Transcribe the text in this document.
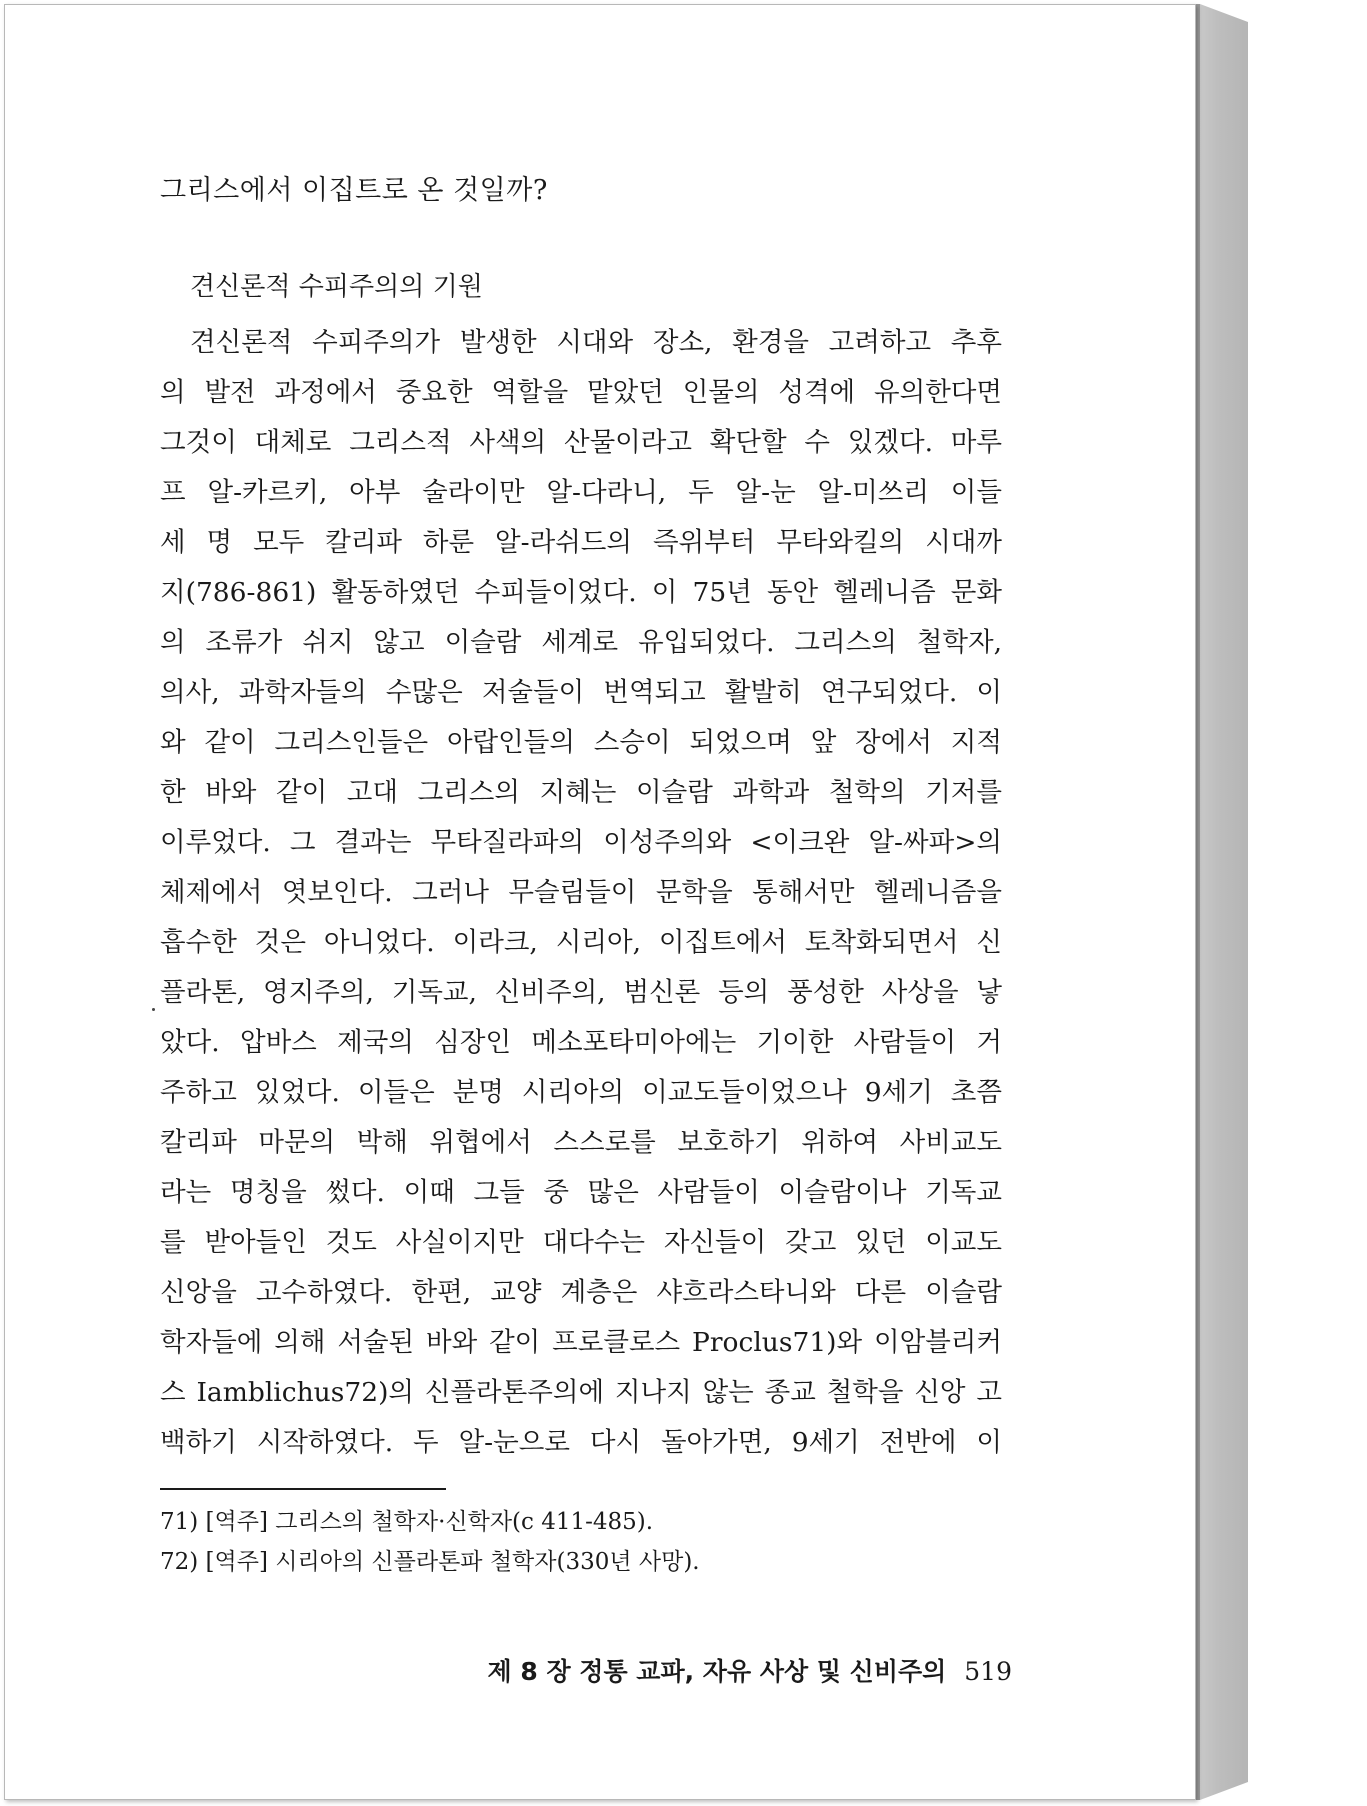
그리스에서 이집트로 온 것일까?
견신론적 수피주의의 기원
견신론적 수피주의가 발생한 시대와 장소, 환경을 고려하고 추후
의 발전 과정에서 중요한 역할을 맡았던 인물의 성격에 유의한다면
그것이 대체로 그리스적 사색의 산물이라고 확단할 수 있겠다. 마루
프 알-카르키, 아부 술라이만 알-다라니, 두 알-눈 알-미쓰리 이들
세 명 모두 칼리파 하룬 알-라쉬드의 즉위부터 무타와킬의 시대까
지(786-861) 활동하였던 수피들이었다. 이 75년 동안 헬레니즘 문화
의 조류가 쉬지 않고 이슬람 세계로 유입되었다. 그리스의 철학자,
의사, 과학자들의 수많은 저술들이 번역되고 활발히 연구되었다. 이
와 같이 그리스인들은 아랍인들의 스승이 되었으며 앞 장에서 지적
한 바와 같이 고대 그리스의 지혜는 이슬람 과학과 철학의 기저를
이루었다. 그 결과는 무타질라파의 이성주의와 <이크완 알-싸파>의
체제에서 엿보인다. 그러나 무슬림들이 문학을 통해서만 헬레니즘을
흡수한 것은 아니었다. 이라크, 시리아, 이집트에서 토착화되면서 신
플라톤, 영지주의, 기독교, 신비주의, 범신론 등의 풍성한 사상을 낳
았다. 압바스 제국의 심장인 메소포타미아에는 기이한 사람들이 거
주하고 있었다. 이들은 분명 시리아의 이교도들이었으나 9세기 초쯤
칼리파 마문의 박해 위협에서 스스로를 보호하기 위하여 사비교도
라는 명칭을 썼다. 이때 그들 중 많은 사람들이 이슬람이나 기독교
를 받아들인 것도 사실이지만 대다수는 자신들이 갖고 있던 이교도
신앙을 고수하였다. 한편, 교양 계층은 샤흐라스타니와 다른 이슬람
학자들에 의해 서술된 바와 같이 프로클로스 Proclus71)와 이암블리커
스 Iamblichus72)의 신플라톤주의에 지나지 않는 종교 철학을 신앙 고
백하기 시작하였다. 두 알-눈으로 다시 돌아가면, 9세기 전반에 이
71) [역주] 그리스의 철학자·신학자(c 411-485).
72) [역주] 시리아의 신플라톤파 철학자(330년 사망).
제 8 장 정통 교파, 자유 사상 및 신비주의 519
